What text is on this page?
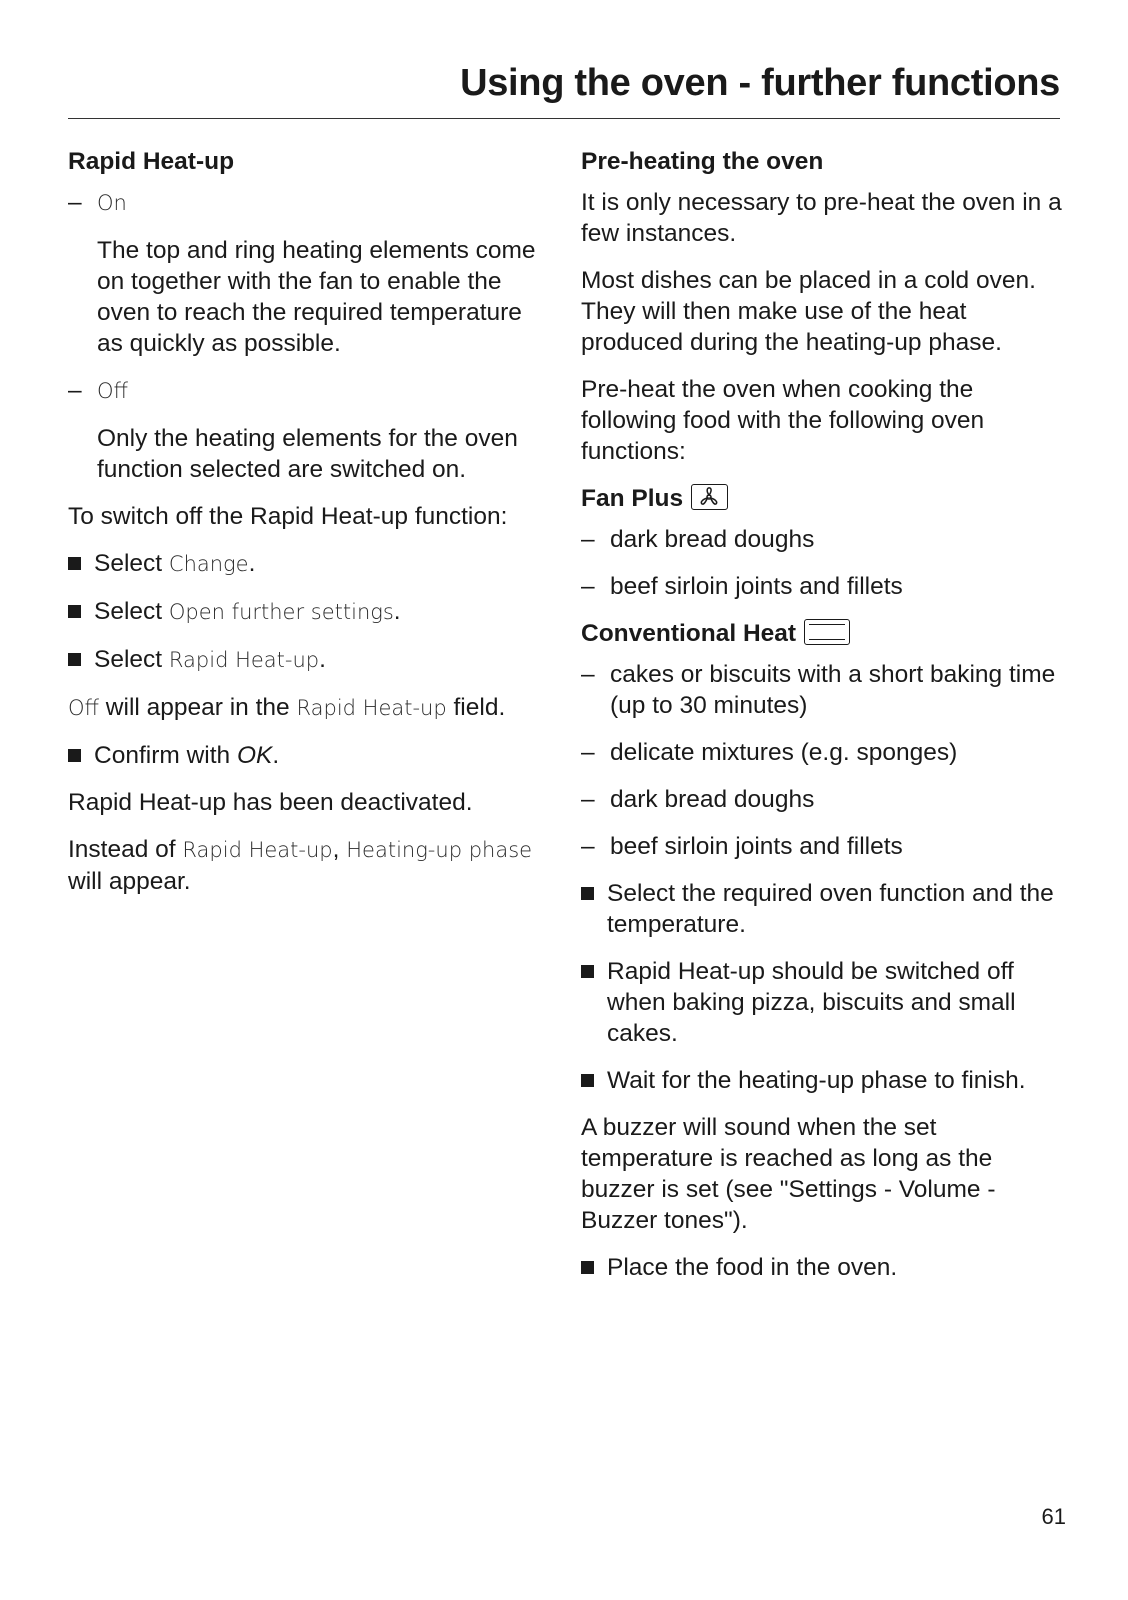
Using the oven - further functions
Rapid Heat-up
– On

The top and ring heating elements come on together with the fan to enable the oven to reach the required temperature as quickly as possible.

– Off

Only the heating elements for the oven function selected are switched on.

To switch off the Rapid Heat-up function:

Select Change.
Select Open further settings.
Select Rapid Heat-up.

Off will appear in the Rapid Heat-up field.

Confirm with OK.

Rapid Heat-up has been deactivated.

Instead of Rapid Heat-up, Heating-up phase will appear.

Pre-heating the oven

It is only necessary to pre-heat the oven in a few instances.

Most dishes can be placed in a cold oven. They will then make use of the heat produced during the heating-up phase.

Pre-heat the oven when cooking the following food with the following oven functions:

Fan Plus
– dark bread doughs
– beef sirloin joints and fillets
Conventional Heat
– cakes or biscuits with a short baking time (up to 30 minutes)
– delicate mixtures (e.g. sponges)
– dark bread doughs
– beef sirloin joints and fillets
Select the required oven function and the temperature.
Rapid Heat-up should be switched off when baking pizza, biscuits and small cakes.
Wait for the heating-up phase to finish.

A buzzer will sound when the set temperature is reached as long as the buzzer is set (see "Settings - Volume - Buzzer tones").

Place the food in the oven.
61
